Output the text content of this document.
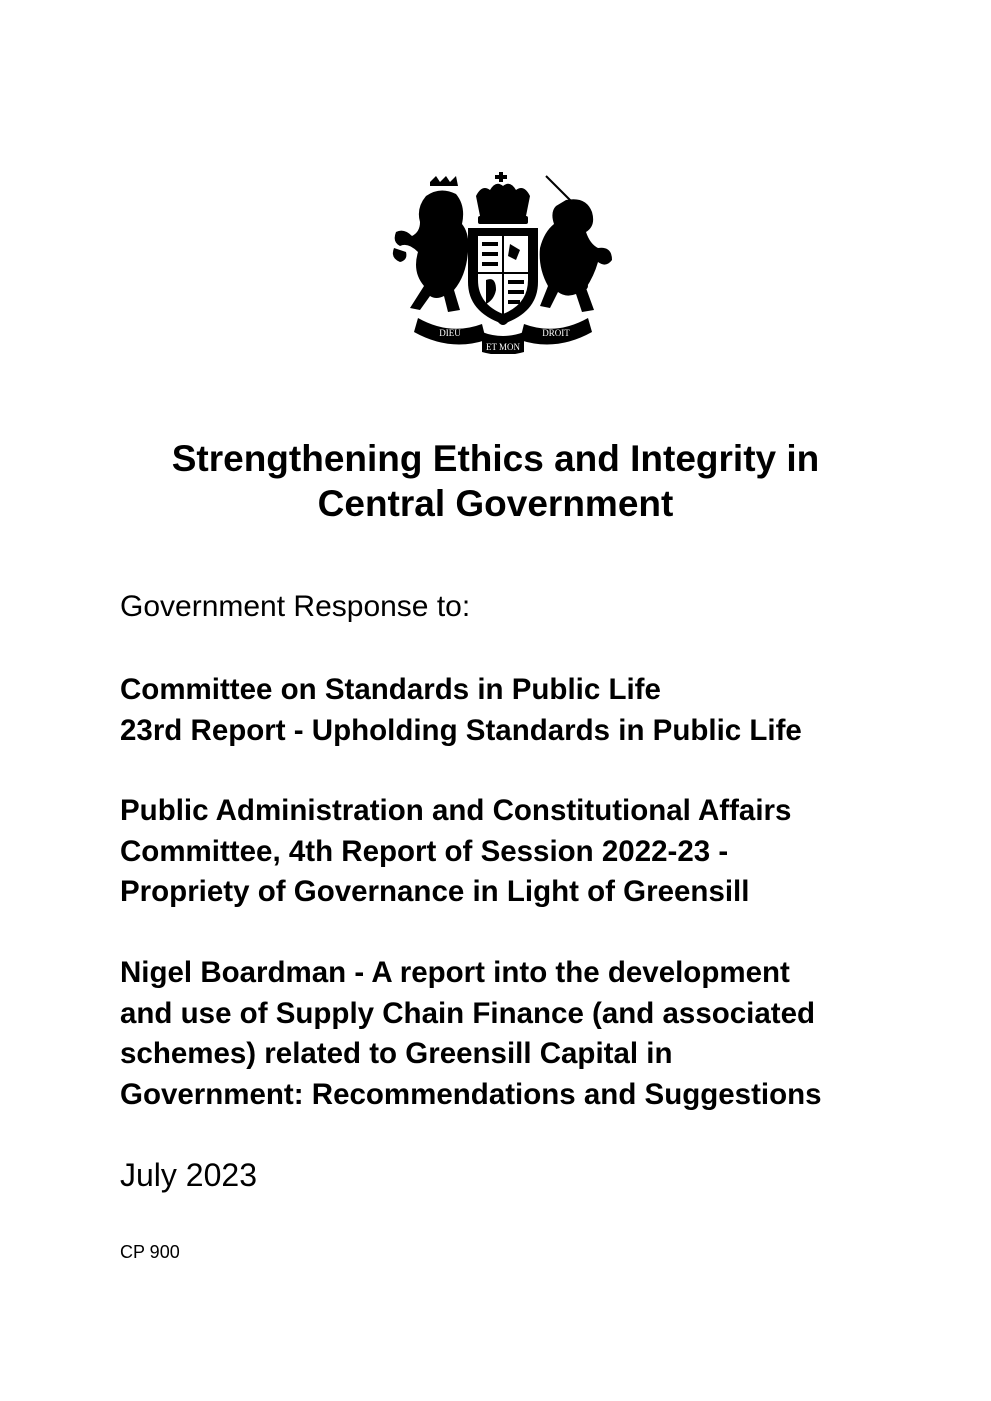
DIEU
ET MON
DROIT
Strengthening Ethics and Integrity in
Central Government

Government Response to:

Committee on Standards in Public Life
23rd Report - Upholding Standards in Public Life
Public Administration and Constitutional Affairs
Committee, 4th Report of Session 2022-23 -
Propriety of Governance in Light of Greensill
Nigel Boardman - A report into the development
and use of Supply Chain Finance (and associated
schemes) related to Greensill Capital in
Government: Recommendations and Suggestions

July 2023

CP 900
